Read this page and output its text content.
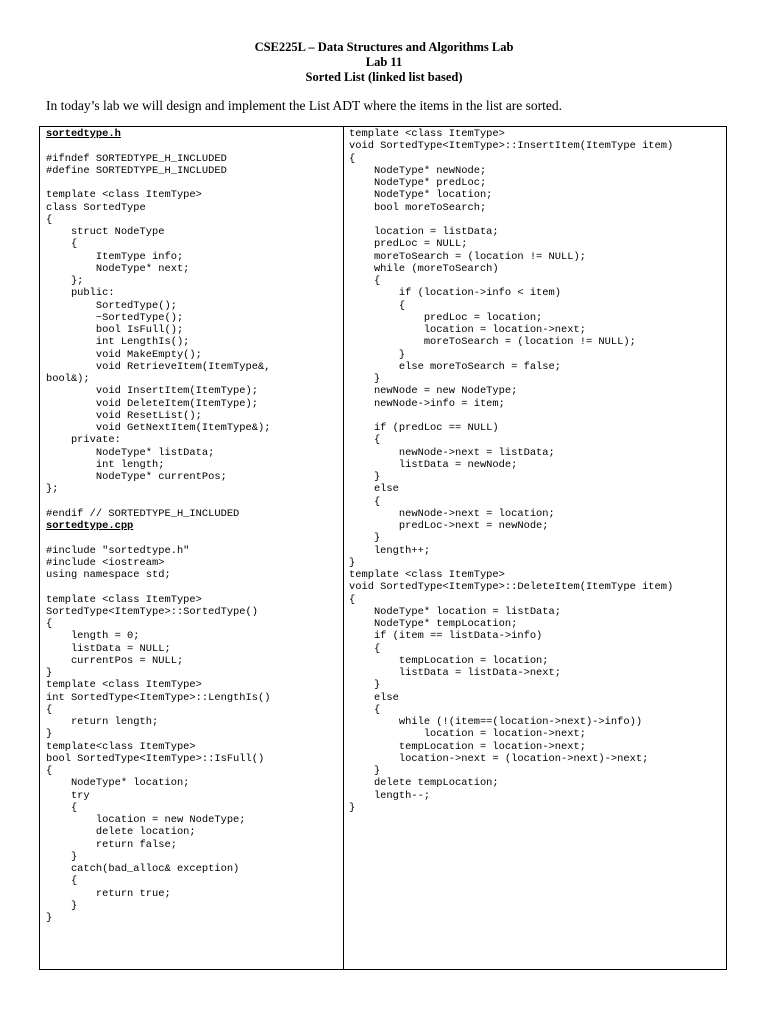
CSE225L – Data Structures and Algorithms Lab
Lab 11
Sorted List (linked list based)
In today’s lab we will design and implement the List ADT where the items in the list are sorted.
sortedtype.h
#ifndef SORTEDTYPE_H_INCLUDED
#define SORTEDTYPE_H_INCLUDED
template <class ItemType>
class SortedType
{
struct NodeType
{
ItemType info;
NodeType* next;
};
public:
SortedType();
~SortedType();
bool IsFull();
int LengthIs();
void MakeEmpty();
void RetrieveItem(ItemType&,
bool&);
void InsertItem(ItemType);
void DeleteItem(ItemType);
void ResetList();
void GetNextItem(ItemType&);
private:
NodeType* listData;
int length;
NodeType* currentPos;
};
#endif // SORTEDTYPE_H_INCLUDED
sortedtype.cpp
#include "sortedtype.h"
#include <iostream>
using namespace std;
template <class ItemType>
SortedType<ItemType>::SortedType()
{
length = 0;
listData = NULL;
currentPos = NULL;
}
template <class ItemType>
int SortedType<ItemType>::LengthIs()
{
return length;
}
template<class ItemType>
bool SortedType<ItemType>::IsFull()
{
NodeType* location;
try
{
location = new NodeType;
delete location;
return false;
}
catch(bad_alloc& exception)
{
return true;
}
}
template <class ItemType>
void SortedType<ItemType>::InsertItem(ItemType item)
{
NodeType* newNode;
NodeType* predLoc;
NodeType* location;
bool moreToSearch;
location = listData;
predLoc = NULL;
moreToSearch = (location != NULL);
while (moreToSearch)
{
if (location->info < item)
{
predLoc = location;
location = location->next;
moreToSearch = (location != NULL);
}
else moreToSearch = false;
}
newNode = new NodeType;
newNode->info = item;
if (predLoc == NULL)
{
newNode->next = listData;
listData = newNode;
}
else
{
newNode->next = location;
predLoc->next = newNode;
}
length++;
}
template <class ItemType>
void SortedType<ItemType>::DeleteItem(ItemType item)
{
NodeType* location = listData;
NodeType* tempLocation;
if (item == listData->info)
{
tempLocation = location;
listData = listData->next;
}
else
{
while (!(item==(location->next)->info))
location = location->next;
tempLocation = location->next;
location->next = (location->next)->next;
}
delete tempLocation;
length--;
}
